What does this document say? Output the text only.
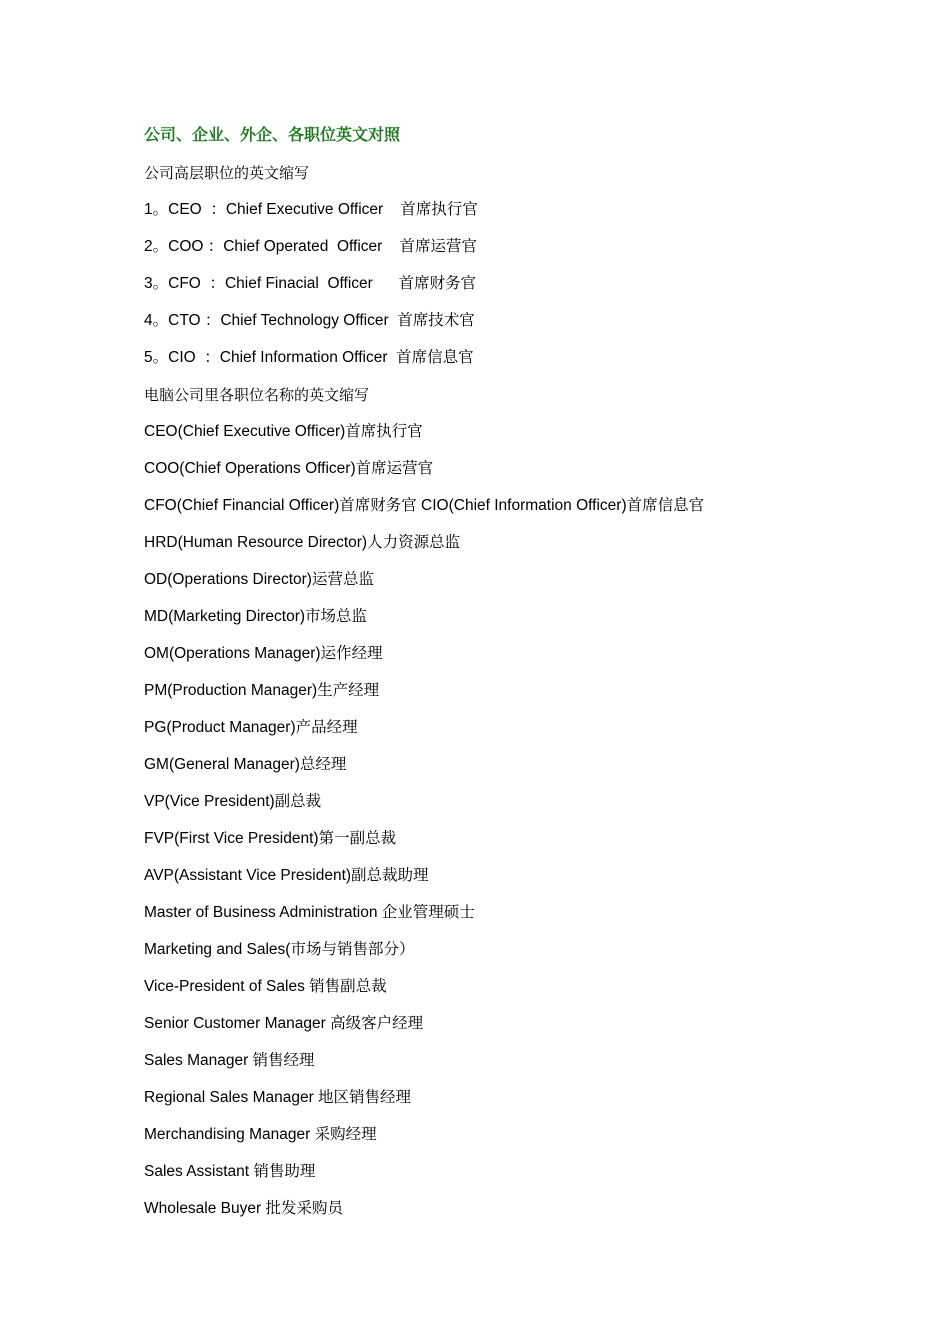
公司、企业、外企、各职位英文对照
公司高层职位的英文缩写
1。CEO  ：Chief Executive Officer    首席执行官
2。COO ：Chief Operated  Officer    首席运营官
3。CFO  ：Chief Finacial  Officer      首席财务官
4。CTO ：Chief Technology Officer  首席技术官
5。CIO  ：Chief Information Officer  首席信息官
电脑公司里各职位名称的英文缩写
CEO(Chief Executive Officer)首席执行官
COO(Chief Operations Officer)首席运营官
CFO(Chief Financial Officer)首席财务官 CIO(Chief Information Officer)首席信息官
HRD(Human Resource Director)人力资源总监
OD(Operations Director)运营总监
MD(Marketing Director)市场总监
OM(Operations Manager)运作经理
PM(Production Manager)生产经理
PG(Product Manager)产品经理
GM(General Manager)总经理
VP(Vice President)副总裁
FVP(First Vice President)第一副总裁
AVP(Assistant Vice President)副总裁助理
Master of Business Administration 企业管理硕士
Marketing and Sales(市场与销售部分）
Vice-President of Sales 销售副总裁
Senior Customer Manager 高级客户经理
Sales Manager 销售经理
Regional Sales Manager 地区销售经理
Merchandising Manager 采购经理
Sales Assistant 销售助理
Wholesale Buyer 批发采购员
